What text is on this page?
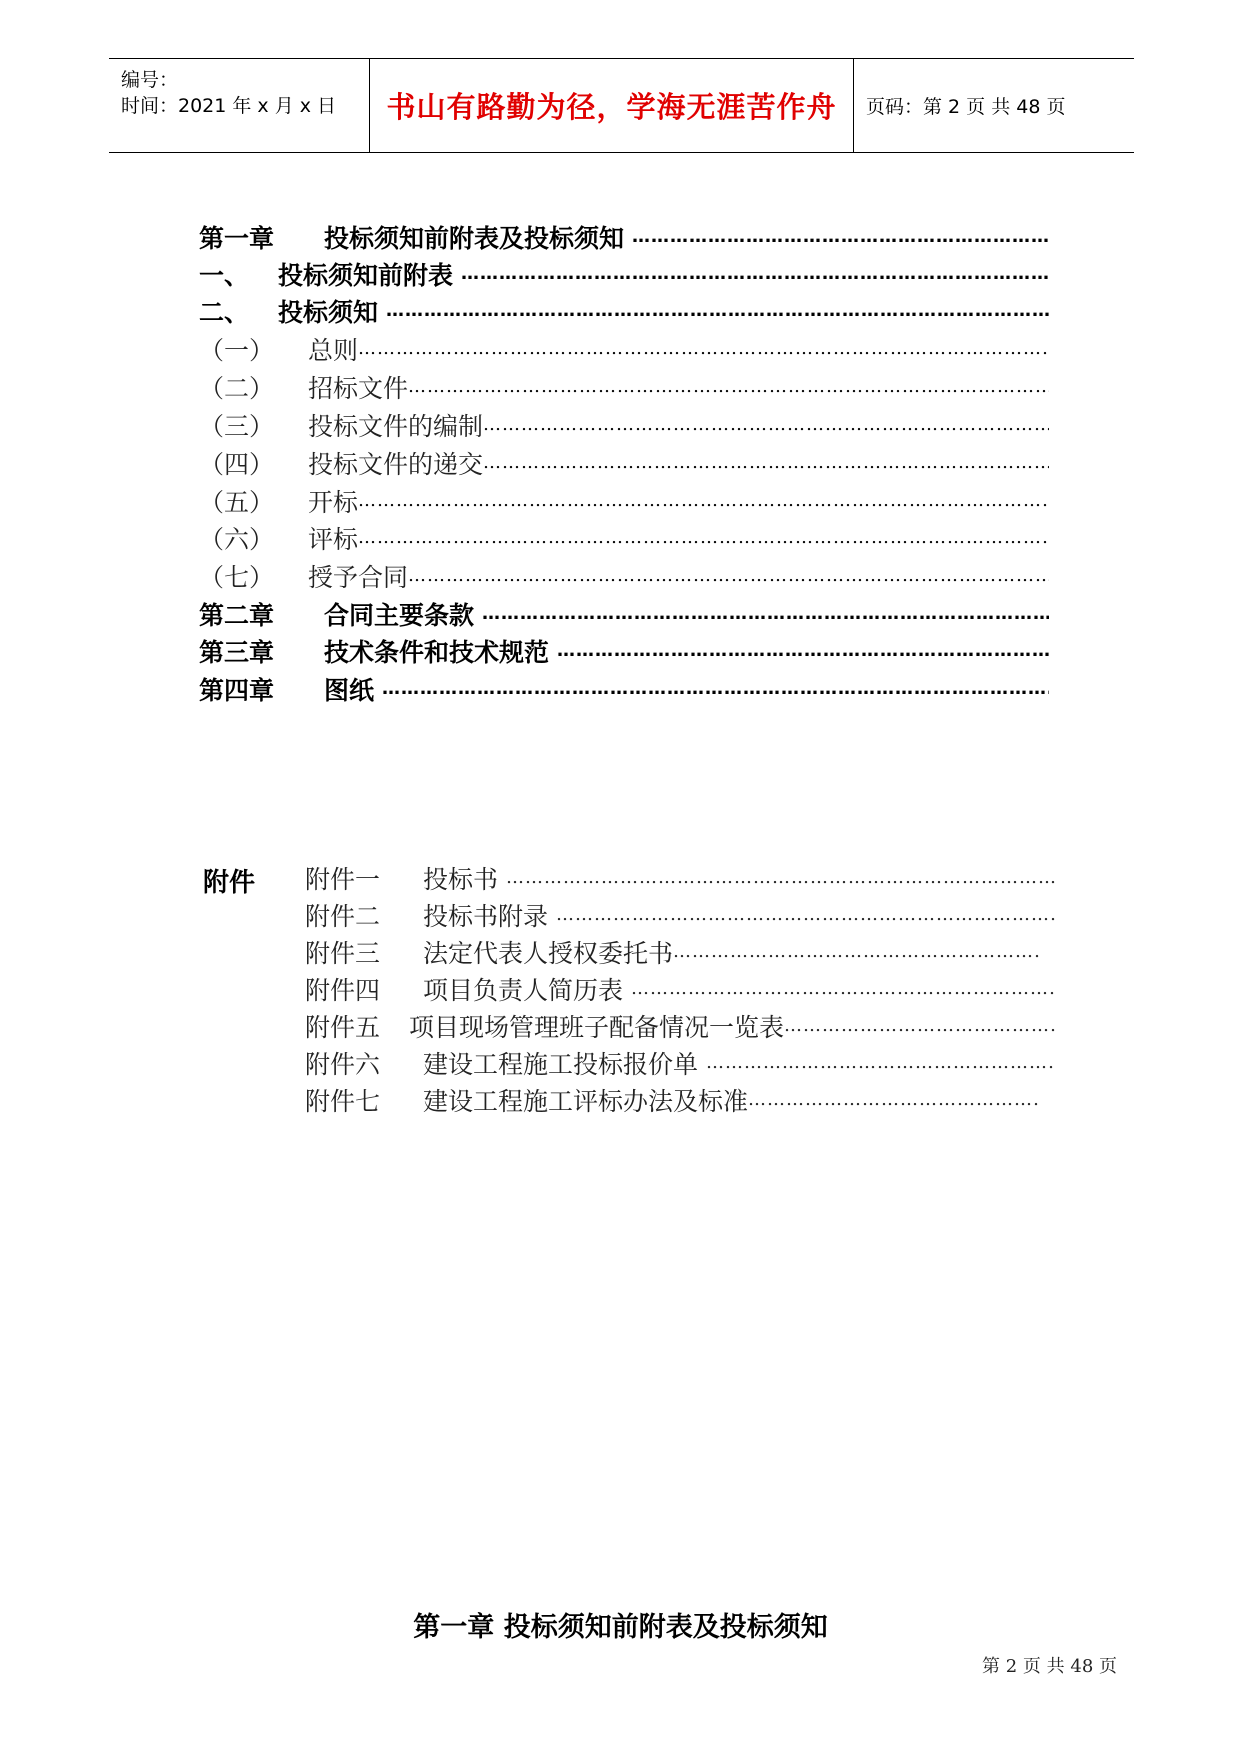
编号：
时间：2021 年 x 月 x 日 书山有路勤为径，学海无涯苦作舟 页码：第 2 页 共 48 页
第一章	投标须知前附表及投标须知
……………………………………………………………………………………………………………………………………………
一、	投标须知前附表
……………………………………………………………………………………………………………………………………………
二、	投标须知
……………………………………………………………………………………………………………………………………………
（一）	总则
……………………………………………………………………………………………………………………………………………
（二）	招标文件
……………………………………………………………………………………………………………………………………………
（三）	投标文件的编制
……………………………………………………………………………………………………………………………………………
（四）	投标文件的递交
……………………………………………………………………………………………………………………………………………
（五）	开标
……………………………………………………………………………………………………………………………………………
（六）	评标
……………………………………………………………………………………………………………………………………………
（七）	授予合同
……………………………………………………………………………………………………………………………………………
第二章	合同主要条款
……………………………………………………………………………………………………………………………………………
第三章	技术条件和技术规范
……………………………………………………………………………………………………………………………………………
第四章	图纸
……………………………………………………………………………………………………………………………………………
附件 附件一	投标书
……………………………………………………………………………………………………………………………
附件二	投标书附录
……………………………………………………………………………………………………………………………
附件三	法定代表人授权委托书
……………………………………………………………………………………………………………………………
附件四	项目负责人简历表
……………………………………………………………………………………………………………………………
附件五	项目现场管理班子配备情况一览表
……………………………………………………………………………………………………………………………
附件六	建设工程施工投标报价单
……………………………………………………………………………………………………………………………
附件七	建设工程施工评标办法及标准
……………………………………………………………………………………………………………………………
第一章 投标须知前附表及投标须知
第 2 页 共 48 页
